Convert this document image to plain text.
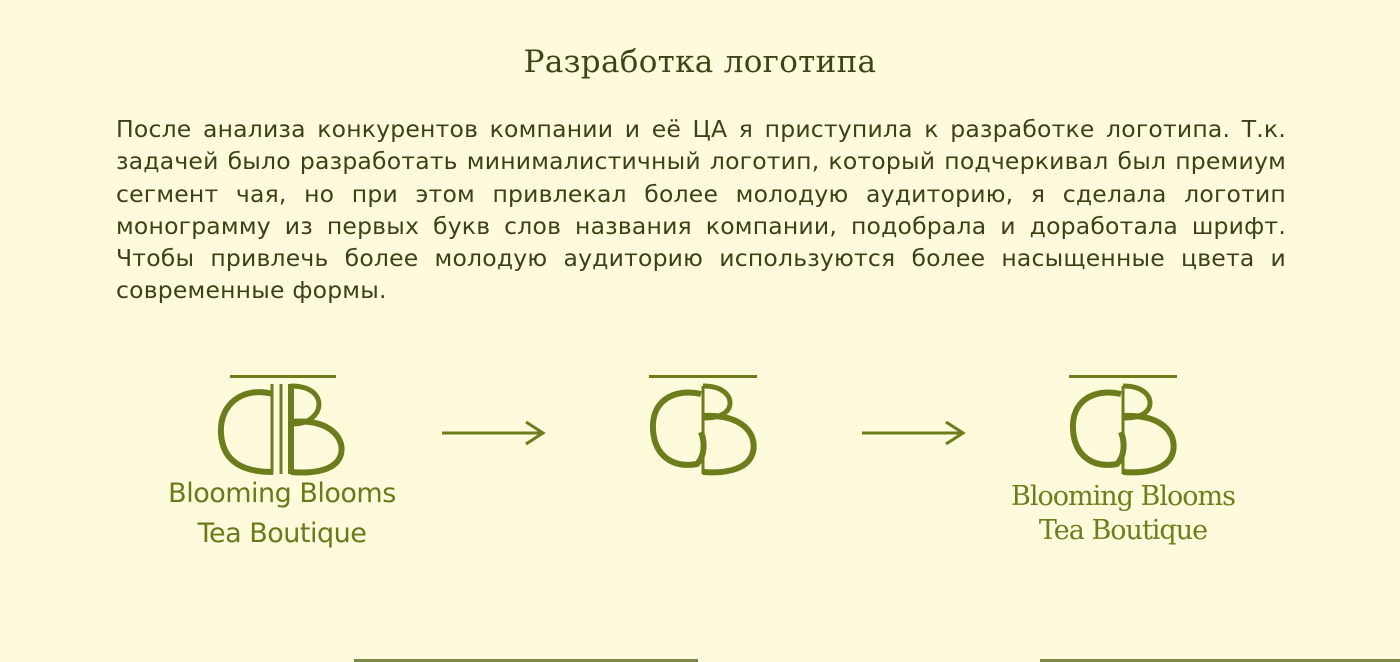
Разработка логотипа
После анализа конкурентов компании и её ЦА я приступила к разработке логотипа. Т.к. задачей было разработать минималистичный логотип, который подчеркивал был премиум сегмент чая, но при этом привлекал более молодую аудиторию, я сделала логотип монограмму из первых букв слов названия компании, подобрала и доработала шрифт. Чтобы привлечь более молодую аудиторию используются более насыщенные цвета и современные формы.
Blooming Blooms
Tea Boutique
Blooming Blooms
Tea Boutique
